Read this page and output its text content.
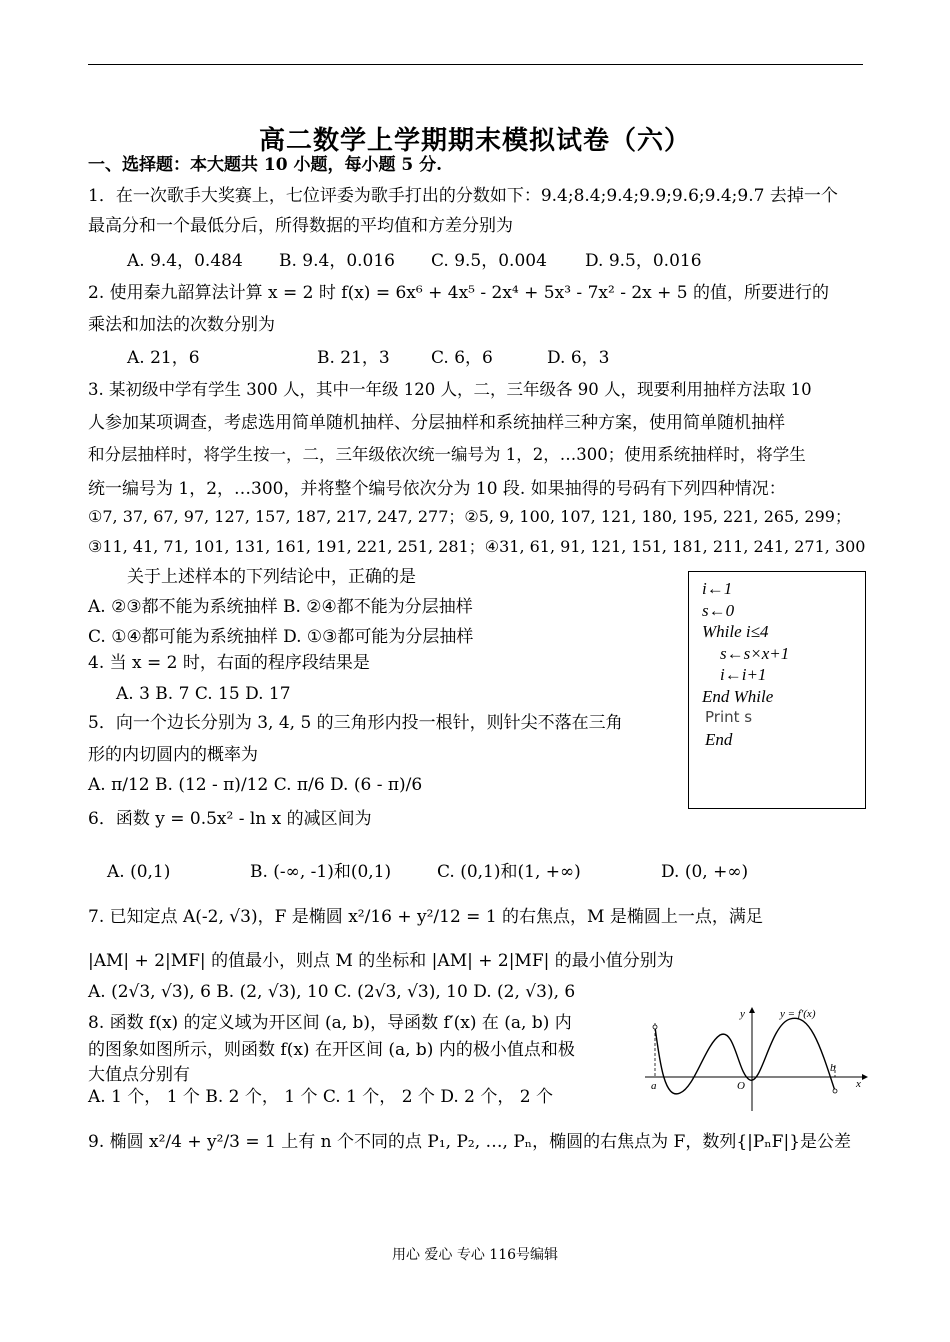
高二数学上学期期末模拟试卷（六）
一、选择题：本大题共 10 小题，每小题 5 分.
1．在一次歌手大奖赛上，七位评委为歌手打出的分数如下：9.4;8.4;9.4;9.9;9.6;9.4;9.7 去掉一个
最高分和一个最低分后，所得数据的平均值和方差分别为
A. 9.4，0.484 B. 9.4，0.016 C. 9.5，0.004 D. 9.5，0.016
2. 使用秦九韶算法计算 x = 2 时 f(x) = 6x⁶ + 4x⁵ - 2x⁴ + 5x³ - 7x² - 2x + 5 的值，所要进行的
乘法和加法的次数分别为
A. 21，6	B. 21，3 C. 6，6	D. 6，3
3. 某初级中学有学生 300 人，其中一年级 120 人，二，三年级各 90 人，现要利用抽样方法取 10
人参加某项调查，考虑选用简单随机抽样、分层抽样和系统抽样三种方案，使用简单随机抽样
和分层抽样时，将学生按一，二，三年级依次统一编号为 1，2，…300；使用系统抽样时，将学生
统一编号为 1，2，…300，并将整个编号依次分为 10 段. 如果抽得的号码有下列四种情况：
①7, 37, 67, 97, 127, 157, 187, 217, 247, 277；②5, 9, 100, 107, 121, 180, 195, 221, 265, 299；
③11, 41, 71, 101, 131, 161, 191, 221, 251, 281；④31, 61, 91, 121, 151, 181, 211, 241, 271, 300
关于上述样本的下列结论中，正确的是
A. ②③都不能为系统抽样 B. ②④都不能为分层抽样
C. ①④都可能为系统抽样 D. ①③都可能为分层抽样
4. 当 x = 2 时，右面的程序段结果是
A. 3 B. 7 C. 15 D. 17
5．向一个边长分别为 3, 4, 5 的三角形内投一根针，则针尖不落在三角
形的内切圆内的概率为
A. π/12 B. (12 - π)/12 C. π/6 D. (6 - π)/6
6．函数 y = 0.5x² - ln x 的减区间为
A. (0,1)	B. (-∞, -1)和(0,1)	C. (0,1)和(1, +∞)	D. (0, +∞)
7. 已知定点 A(-2, √3)，F 是椭圆 x²/16 + y²/12 = 1 的右焦点，M 是椭圆上一点，满足
|AM| + 2|MF| 的值最小，则点 M 的坐标和 |AM| + 2|MF| 的最小值分别为
A. (2√3, √3), 6 B. (2, √3), 10 C. (2√3, √3), 10 D. (2, √3), 6
8. 函数 f(x) 的定义域为开区间 (a, b)，导函数 f′(x) 在 (a, b) 内
的图象如图所示，则函数 f(x) 在开区间 (a, b) 内的极小值点和极
大值点分别有
A. 1 个， 1 个 B. 2 个， 1 个 C. 1 个， 2 个 D. 2 个， 2 个
9. 椭圆 x²/4 + y²/3 = 1 上有 n 个不同的点 P₁, P₂, …, Pₙ，椭圆的右焦点为 F，数列{|PₙF|}是公差
i←1
s←0
While i≤4
s←s×x+1
i←i+1
End While
Print s
End
y
x
y = f′(x)
a	O
b
用心 爱心 专心 116号编辑
